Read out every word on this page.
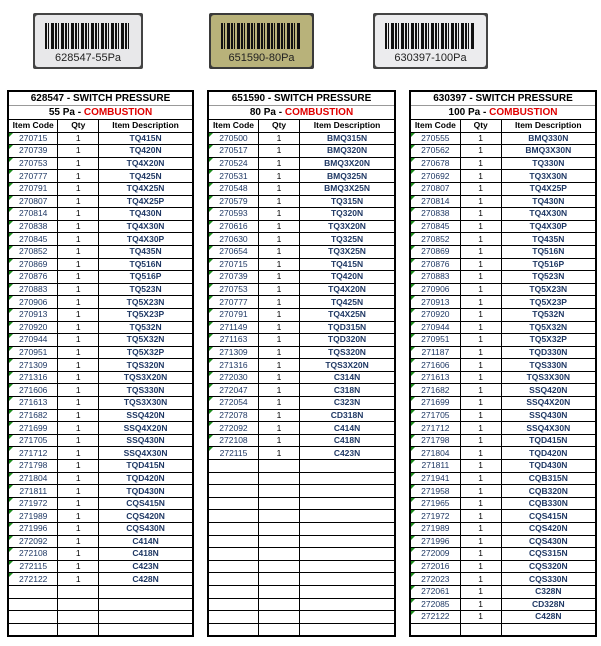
628547-55Pa	651590-80Pa	630397-100Pa
628547 - SWITCH PRESSURE		
55 Pa - COMBUSTION		
Item Code	Qty	Item Description
270715	1	TQ415N
270739	1	TQ420N
270753	1	TQ4X20N
270777	1	TQ425N
270791	1	TQ4X25N
270807	1	TQ4X25P
270814	1	TQ430N
270838	1	TQ4X30N
270845	1	TQ4X30P
270852	1	TQ435N
270869	1	TQ516N
270876	1	TQ516P
270883	1	TQ523N
270906	1	TQ5X23N
270913	1	TQ5X23P
270920	1	TQ532N
270944	1	TQ5X32N
270951	1	TQ5X32P
271309	1	TQS320N
271316	1	TQS3X20N
271606	1	TQS330N
271613	1	TQS3X30N
271682	1	SSQ420N
271699	1	SSQ4X20N
271705	1	SSQ430N
271712	1	SSQ4X30N
271798	1	TQD415N
271804	1	TQD420N
271811	1	TQD430N
271972	1	CQS415N
271989	1	CQS420N
271996	1	CQS430N
272092	1	C414N
272108	1	C418N
272115	1	C423N
272122	1	C428N

651590 - SWITCH PRESSURE		
80 Pa - COMBUSTION		
Item Code	Qty	Item Description
270500	1	BMQ315N
270517	1	BMQ320N
270524	1	BMQ3X20N
270531	1	BMQ325N
270548	1	BMQ3X25N
270579	1	TQ315N
270593	1	TQ320N
270616	1	TQ3X20N
270630	1	TQ325N
270654	1	TQ3X25N
270715	1	TQ415N
270739	1	TQ420N
270753	1	TQ4X20N
270777	1	TQ425N
270791	1	TQ4X25N
271149	1	TQD315N
271163	1	TQD320N
271309	1	TQS320N
271316	1	TQS3X20N
272030	1	C314N
272047	1	C318N
272054	1	C323N
272078	1	CD318N
272092	1	C414N
272108	1	C418N
272115	1	C423N

630397 - SWITCH PRESSURE		
100 Pa - COMBUSTION		
Item Code	Qty	Item Description
270555	1	BMQ330N
270562	1	BMQ3X30N
270678	1	TQ330N
270692	1	TQ3X30N
270807	1	TQ4X25P
270814	1	TQ430N
270838	1	TQ4X30N
270845	1	TQ4X30P
270852	1	TQ435N
270869	1	TQ516N
270876	1	TQ516P
270883	1	TQ523N
270906	1	TQ5X23N
270913	1	TQ5X23P
270920	1	TQ532N
270944	1	TQ5X32N
270951	1	TQ5X32P
271187	1	TQD330N
271606	1	TQS330N
271613	1	TQS3X30N
271682	1	SSQ420N
271699	1	SSQ4X20N
271705	1	SSQ430N
271712	1	SSQ4X30N
271798	1	TQD415N
271804	1	TQD420N
271811	1	TQD430N
271941	1	CQB315N
271958	1	CQB320N
271965	1	CQB330N
271972	1	CQS415N
271989	1	CQS420N
271996	1	CQS430N
272009	1	CQS315N
272016	1	CQS320N
272023	1	CQS330N
272061	1	C328N
272085	1	CD328N
272122	1	C428N
